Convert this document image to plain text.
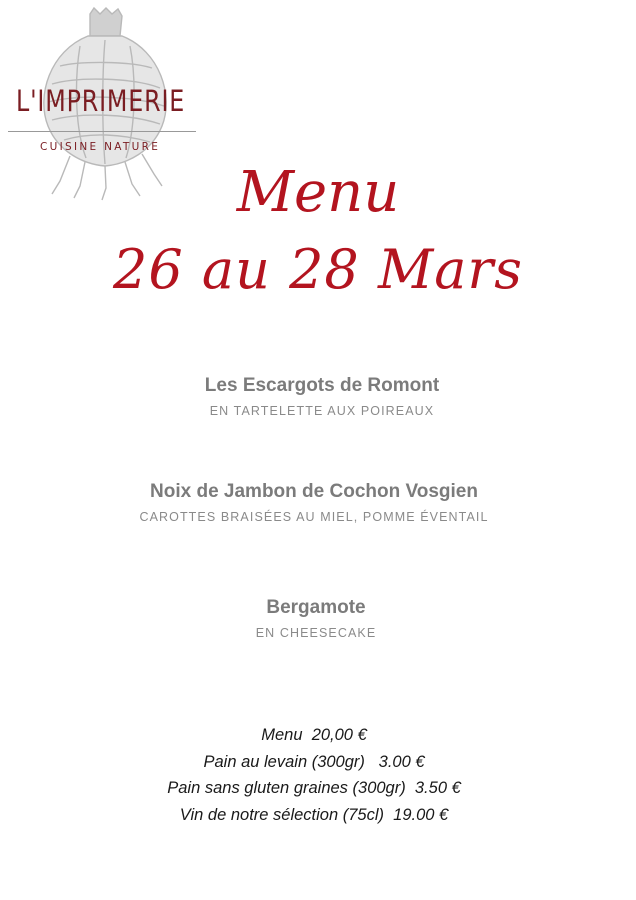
L'IMPRIMERIE
CUISINE NATURE
Menu
26 au 28 Mars
Les Escargots de Romont
EN TARTELETTE AUX POIREAUX
Noix de Jambon de Cochon Vosgien
CAROTTES BRAISÉES AU MIEL, POMME ÉVENTAIL
Bergamote
EN CHEESECAKE
Menu  20,00 €
Pain au levain (300gr)   3.00 €
Pain sans gluten graines (300gr)  3.50 €
Vin de notre sélection (75cl)  19.00 €
